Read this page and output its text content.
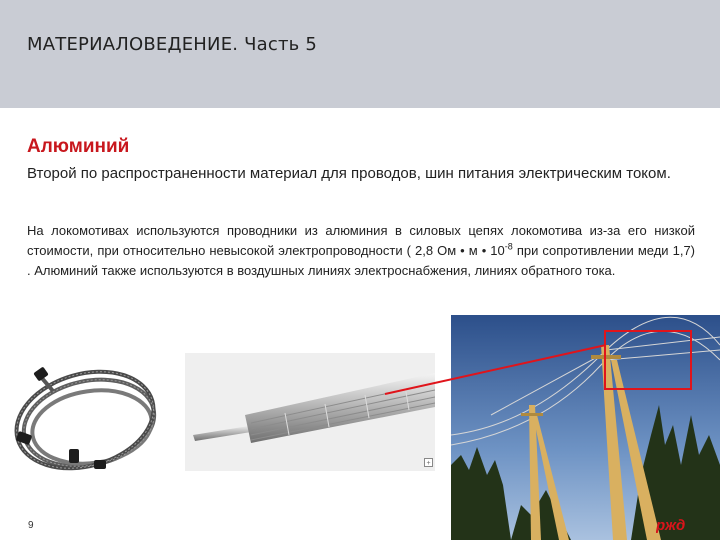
МАТЕРИАЛОВЕДЕНИЕ. Часть 5
Алюминий
Второй по распространенности материал для проводов, шин питания электрическим током.
На локомотивах используются проводники из алюминия в силовых цепях локомотива из-за его низкой стоимости, при относительно невысокой электропроводности ( 2,8 Ом • м • $10^{-8}$ при сопротивлении меди 1,7) . Алюминий также используются в воздушных линиях электроснабжения, линиях обратного тока.
+
9	ржд
